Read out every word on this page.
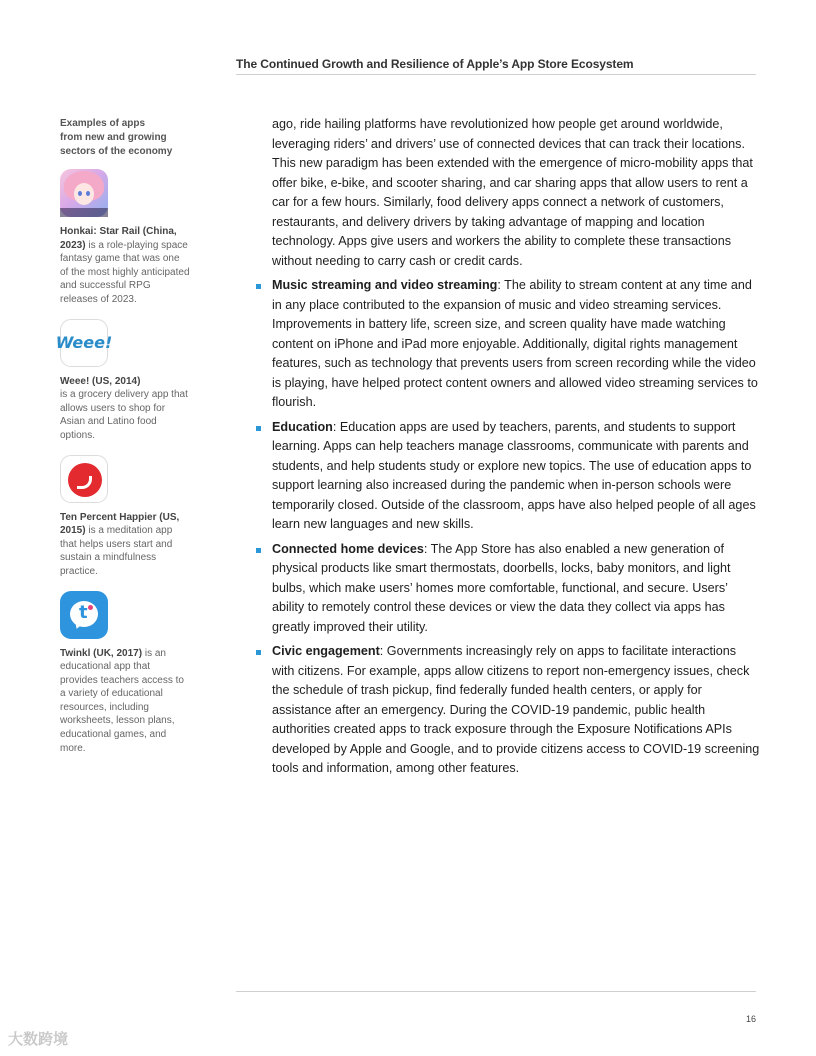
The Continued Growth and Resilience of Apple’s App Store Ecosystem
Examples of apps
from new and growing
sectors of the economy
Honkai: Star Rail (China, 2023) is a role-playing space fantasy game that was one of the most highly anticipated and successful RPG releases of 2023.
Weee!
Weee! (US, 2014)
is a grocery delivery app that allows users to shop for Asian and Latino food options.
Ten Percent Happier (US, 2015) is a meditation app that helps users start and sustain a mindfulness practice.
t
Twinkl (UK, 2017) is an educational app that provides teachers access to a variety of educational resources, including worksheets, lesson plans, educational games, and more.

ago, ride hailing platforms have revolutionized how people get around worldwide, leveraging riders’ and drivers’ use of connected devices that can track their locations. This new paradigm has been extended with the emergence of micro-mobility apps that offer bike, e-bike, and scooter sharing, and car sharing apps that allow users to rent a car for a few hours. Similarly, food delivery apps connect a network of customers, restaurants, and delivery drivers by taking advantage of mapping and location technology. Apps give users and workers the ability to complete these transactions without needing to carry cash or credit cards.

Music streaming and video streaming: The ability to stream content at any time and in any place contributed to the expansion of music and video streaming services. Improvements in battery life, screen size, and screen quality have made watching content on iPhone and iPad more enjoyable. Additionally, digital rights management features, such as technology that prevents users from screen recording while the video is playing, have helped protect content owners and allowed video streaming services to flourish.
Education: Education apps are used by teachers, parents, and students to support learning. Apps can help teachers manage classrooms, communicate with parents and students, and help students study or explore new topics. The use of education apps to support learning also increased during the pandemic when in-person schools were temporarily closed. Outside of the classroom, apps have also helped people of all ages learn new languages and new skills.
Connected home devices: The App Store has also enabled a new generation of physical products like smart thermostats, doorbells, locks, baby monitors, and light bulbs, which make users’ homes more comfortable, functional, and secure. Users’ ability to remotely control these devices or view the data they collect via apps has greatly improved their utility.
Civic engagement: Governments increasingly rely on apps to facilitate interactions with citizens. For example, apps allow citizens to report non-emergency issues, check the schedule of trash pickup, find federally funded health centers, or apply for assistance after an emergency. During the COVID-19 pandemic, public health authorities created apps to track exposure through the Exposure Notifications APIs developed by Apple and Google, and to provide citizens access to COVID-19 screening tools and information, among other features.
16
大数跨境
